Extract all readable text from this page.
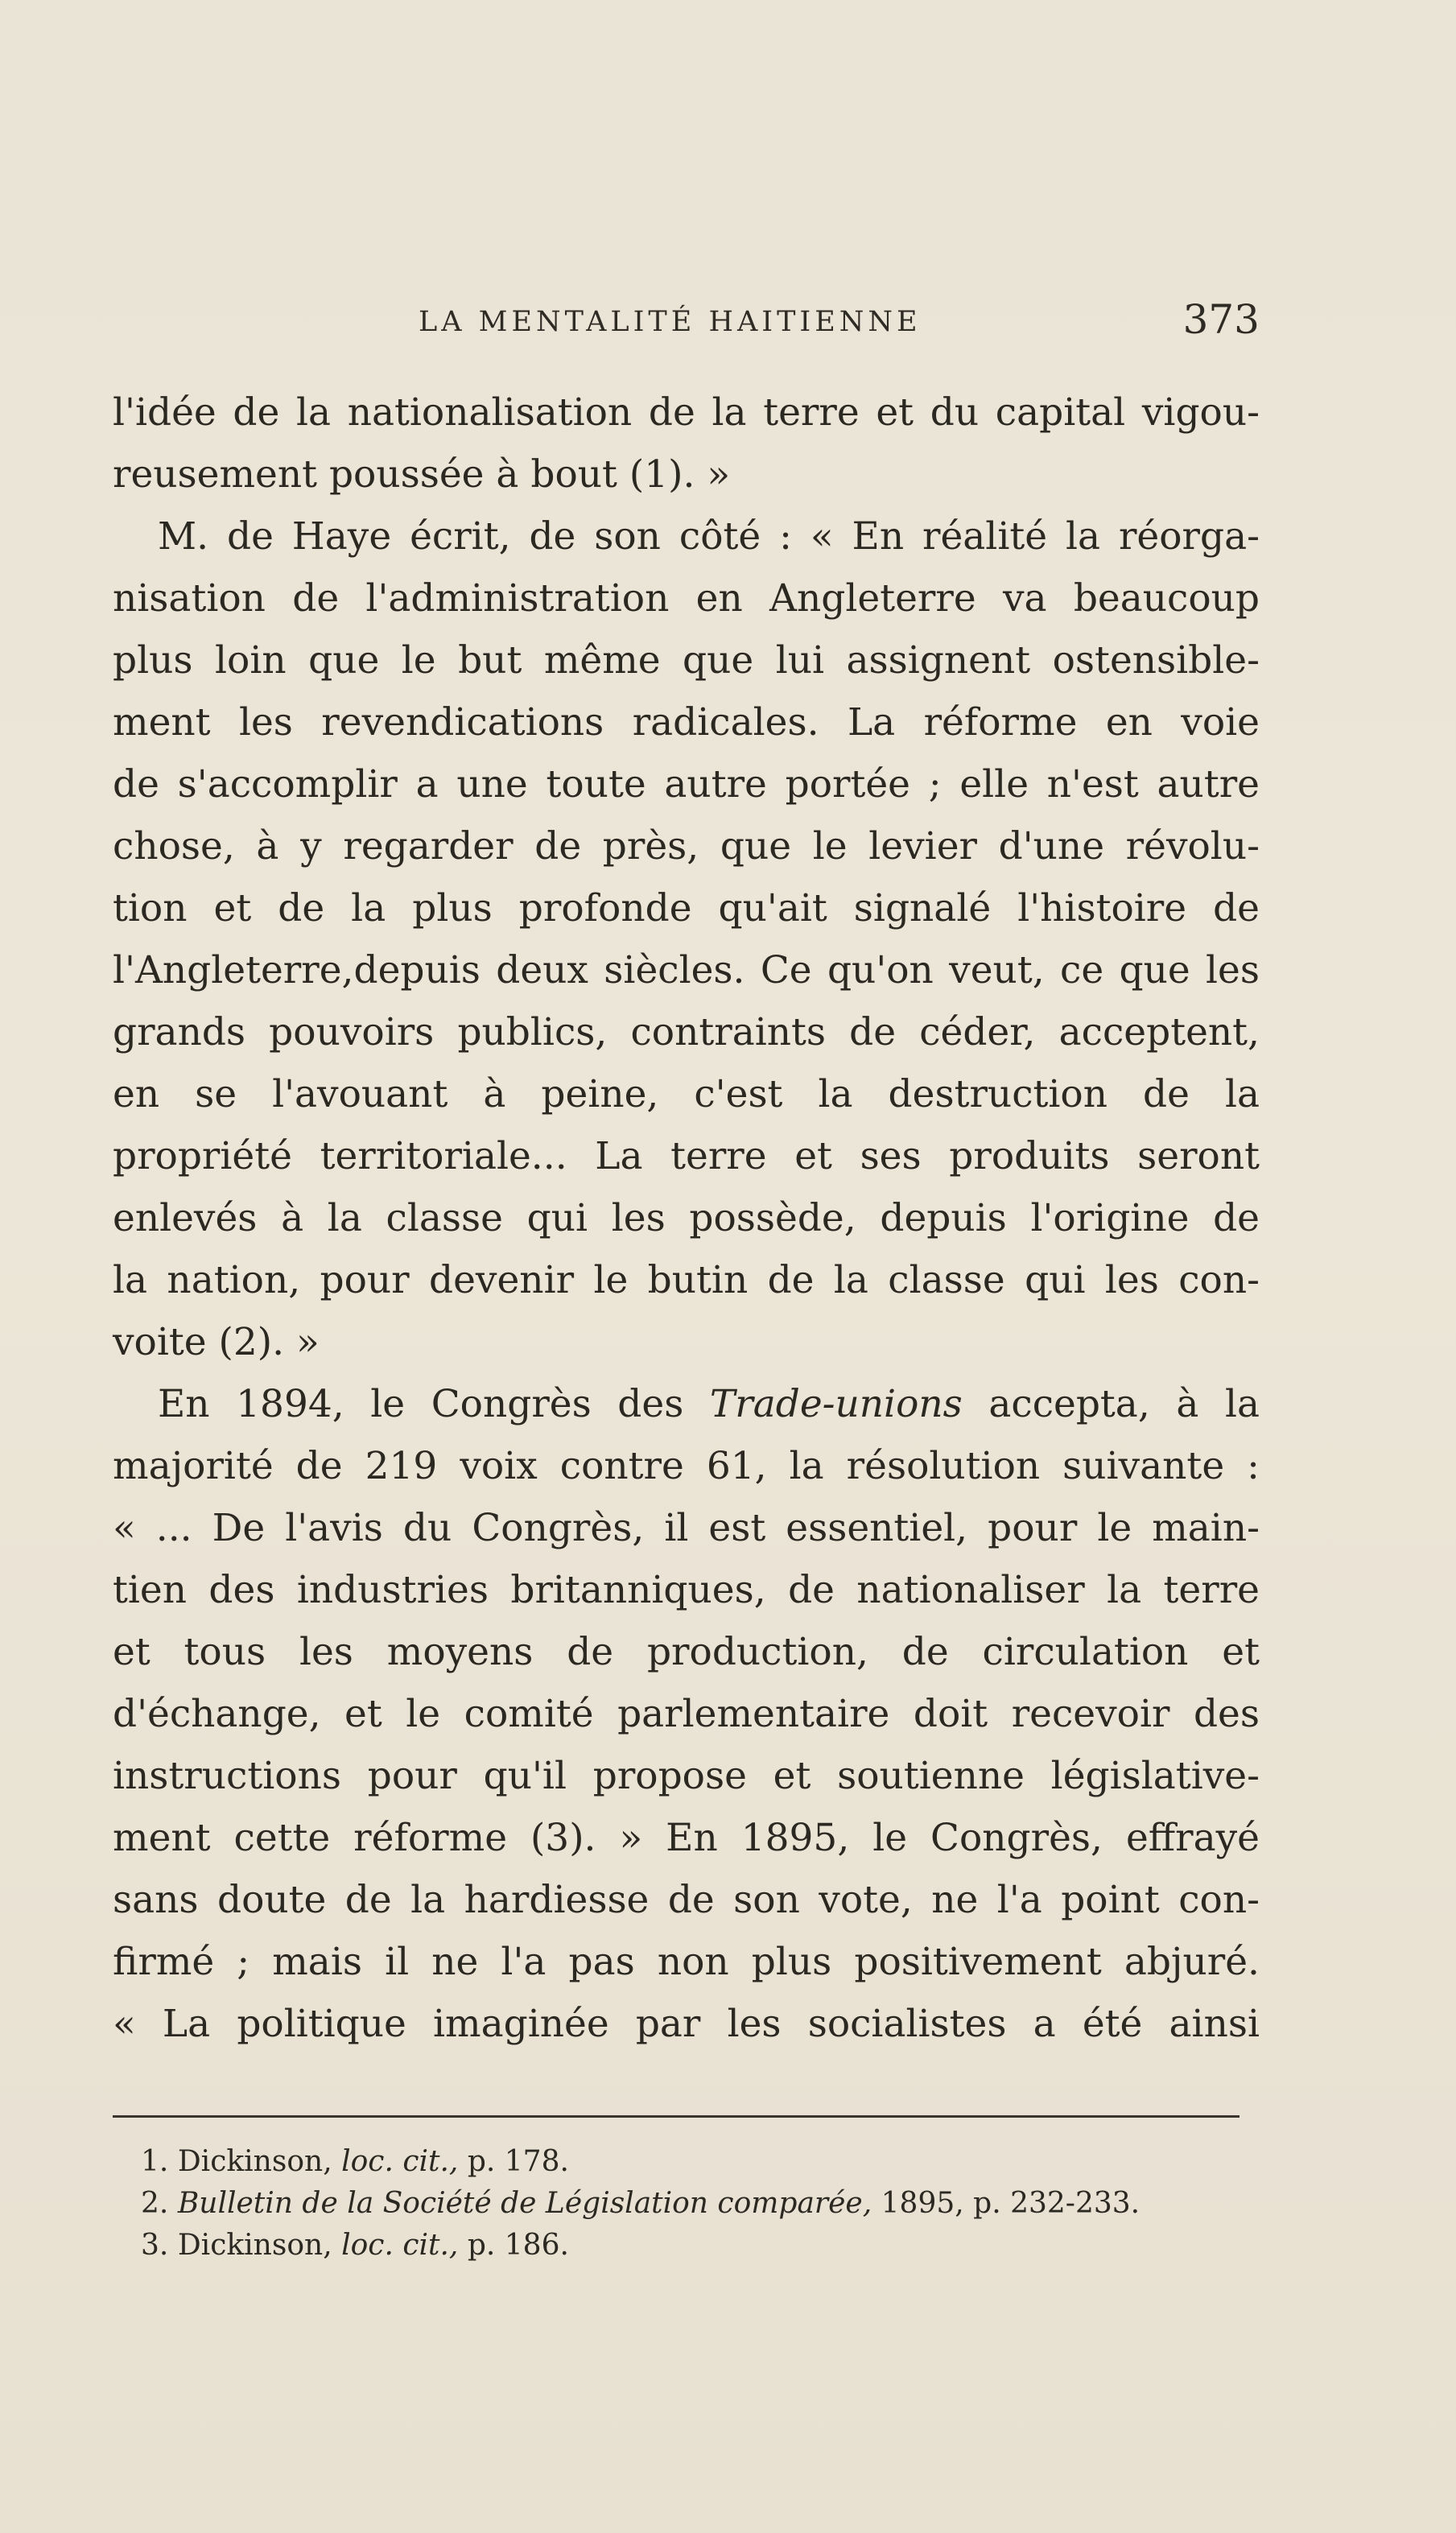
LA MENTALITÉ HAITIENNE	373
l'idée de la nationalisation de la terre et du capital vigou-
reusement poussée à bout (1). »
M. de Haye écrit, de son côté : « En réalité la réorga-
nisation de l'administration en Angleterre va beaucoup
plus loin que le but même que lui assignent ostensible-
ment les revendications radicales. La réforme en voie
de s'accomplir a une toute autre portée ; elle n'est autre
chose, à y regarder de près, que le levier d'une révolu-
tion et de la plus profonde qu'ait signalé l'histoire de
l'Angleterre,depuis deux siècles. Ce qu'on veut, ce que les
grands pouvoirs publics, contraints de céder, acceptent,
en se l'avouant à peine, c'est la destruction de la
propriété territoriale... La terre et ses produits seront
enlevés à la classe qui les possède, depuis l'origine de
la nation, pour devenir le butin de la classe qui les con-
voite (2). »
En 1894, le Congrès des Trade-unions accepta, à la
majorité de 219 voix contre 61, la résolution suivante :
« ... De l'avis du Congrès, il est essentiel, pour le main-
tien des industries britanniques, de nationaliser la terre
et tous les moyens de production, de circulation et
d'échange, et le comité parlementaire doit recevoir des
instructions pour qu'il propose et soutienne législative-
ment cette réforme (3). » En 1895, le Congrès, effrayé
sans doute de la hardiesse de son vote, ne l'a point con-
firmé ; mais il ne l'a pas non plus positivement abjuré.
« La politique imaginée par les socialistes a été ainsi
1. Dickinson, loc. cit., p. 178.
2. Bulletin de la Société de Législation comparée, 1895, p. 232-233.
3. Dickinson, loc. cit., p. 186.
